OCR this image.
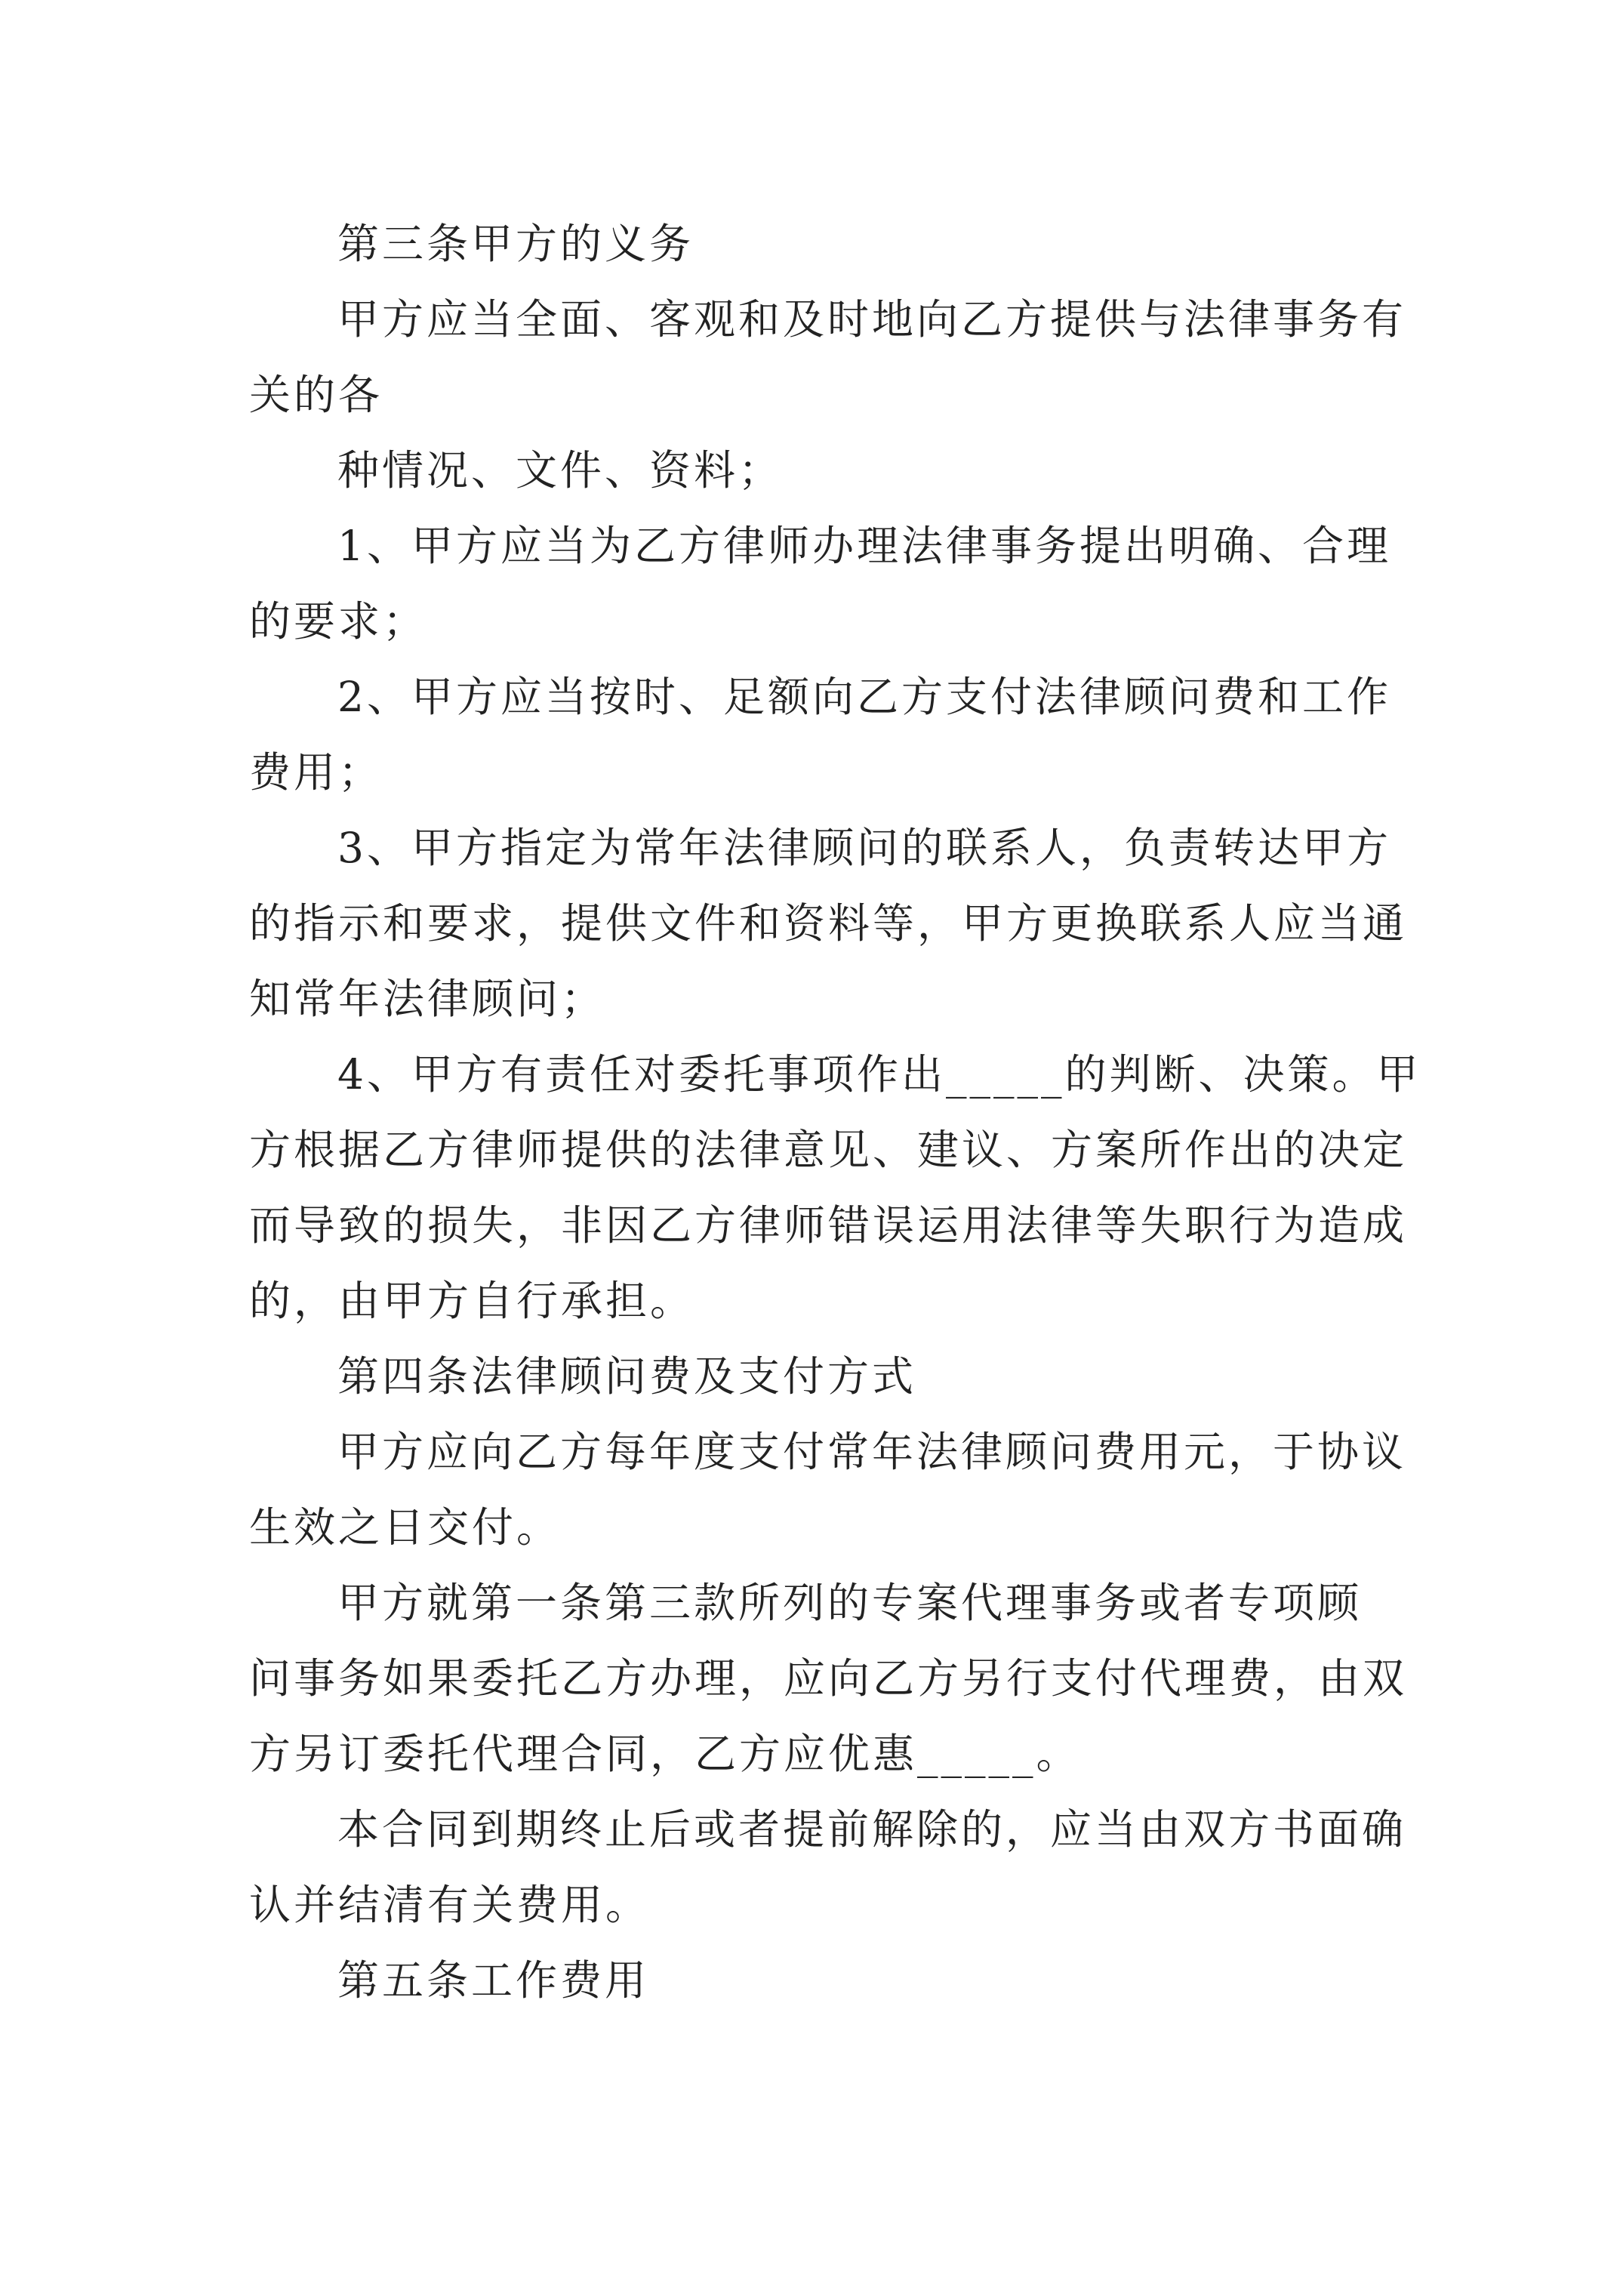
第三条甲方的义务
甲方应当全面、客观和及时地向乙方提供与法律事务有
关的各
种情况、文件、资料；
1、甲方应当为乙方律师办理法律事务提出明确、合理
的要求；
2、甲方应当按时、足额向乙方支付法律顾问费和工作
费用；
3、甲方指定为常年法律顾问的联系人，负责转达甲方
的指示和要求，提供文件和资料等，甲方更换联系人应当通
知常年法律顾问；
4、甲方有责任对委托事项作出_____的判断、决策。甲
方根据乙方律师提供的法律意见、建议、方案所作出的决定
而导致的损失，非因乙方律师错误运用法律等失职行为造成
的，由甲方自行承担。
第四条法律顾问费及支付方式
甲方应向乙方每年度支付常年法律顾问费用元，于协议
生效之日交付。
甲方就第一条第三款所列的专案代理事务或者专项顾
问事务如果委托乙方办理，应向乙方另行支付代理费，由双
方另订委托代理合同，乙方应优惠_____。
本合同到期终止后或者提前解除的，应当由双方书面确
认并结清有关费用。
第五条工作费用
